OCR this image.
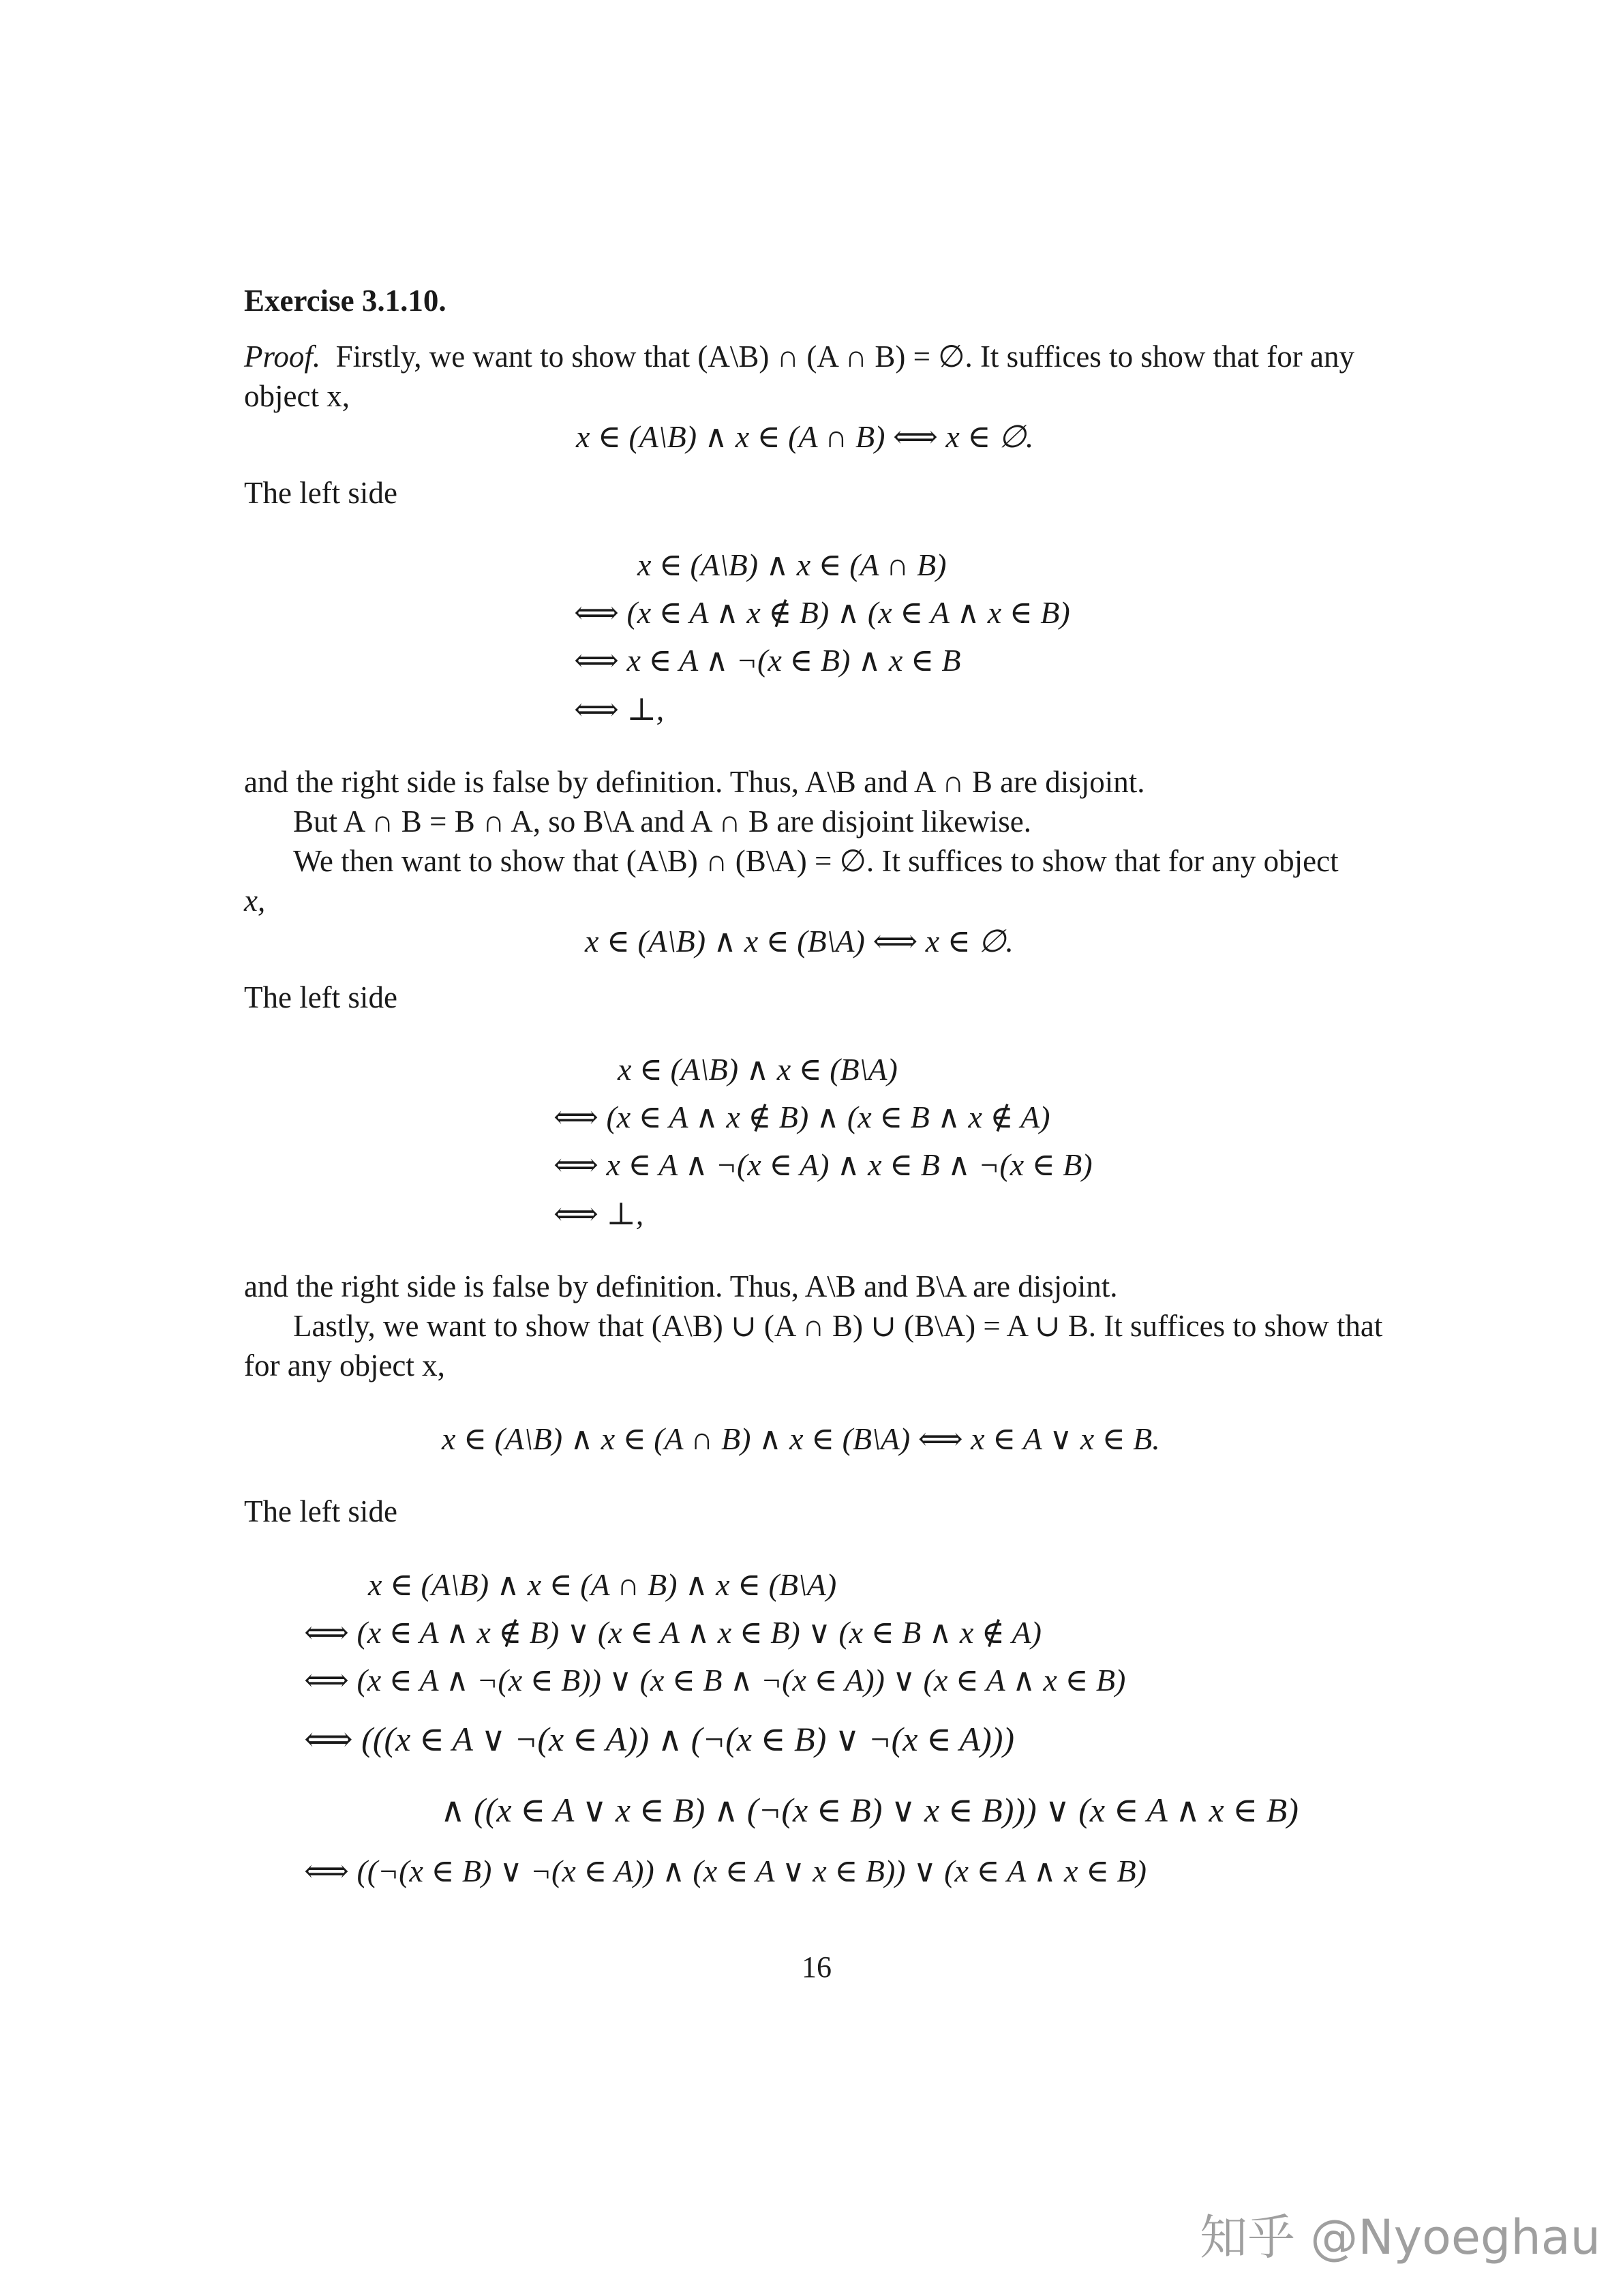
Exercise 3.1.10.
Proof. Firstly, we want to show that (A\B) ∩ (A ∩ B) = ∅. It suffices to show that for any
object x,
x ∈ (A\B) ∧ x ∈ (A ∩ B) ⟺ x ∈ ∅.
The left side
x ∈ (A\B) ∧ x ∈ (A ∩ B)
⟺ (x ∈ A ∧ x ∉ B) ∧ (x ∈ A ∧ x ∈ B)
⟺ x ∈ A ∧ ¬(x ∈ B) ∧ x ∈ B
⟺ ⊥,
and the right side is false by definition. Thus, A\B and A ∩ B are disjoint.
But A ∩ B = B ∩ A, so B\A and A ∩ B are disjoint likewise.
We then want to show that (A\B) ∩ (B\A) = ∅. It suffices to show that for any object
x,
x ∈ (A\B) ∧ x ∈ (B\A) ⟺ x ∈ ∅.
The left side
x ∈ (A\B) ∧ x ∈ (B\A)
⟺ (x ∈ A ∧ x ∉ B) ∧ (x ∈ B ∧ x ∉ A)
⟺ x ∈ A ∧ ¬(x ∈ A) ∧ x ∈ B ∧ ¬(x ∈ B)
⟺ ⊥,
and the right side is false by definition. Thus, A\B and B\A are disjoint.
Lastly, we want to show that (A\B) ∪ (A ∩ B) ∪ (B\A) = A ∪ B. It suffices to show that
for any object x,
x ∈ (A\B) ∧ x ∈ (A ∩ B) ∧ x ∈ (B\A) ⟺ x ∈ A ∨ x ∈ B.
The left side
x ∈ (A\B) ∧ x ∈ (A ∩ B) ∧ x ∈ (B\A)
⟺ (x ∈ A ∧ x ∉ B) ∨ (x ∈ A ∧ x ∈ B) ∨ (x ∈ B ∧ x ∉ A)
⟺ (x ∈ A ∧ ¬(x ∈ B)) ∨ (x ∈ B ∧ ¬(x ∈ A)) ∨ (x ∈ A ∧ x ∈ B)
⟺ (((x ∈ A ∨ ¬(x ∈ A)) ∧ (¬(x ∈ B) ∨ ¬(x ∈ A)))
∧ ((x ∈ A ∨ x ∈ B) ∧ (¬(x ∈ B) ∨ x ∈ B))) ∨ (x ∈ A ∧ x ∈ B)
⟺ ((¬(x ∈ B) ∨ ¬(x ∈ A)) ∧ (x ∈ A ∨ x ∈ B)) ∨ (x ∈ A ∧ x ∈ B)
16
知乎 @Nyoeghau
